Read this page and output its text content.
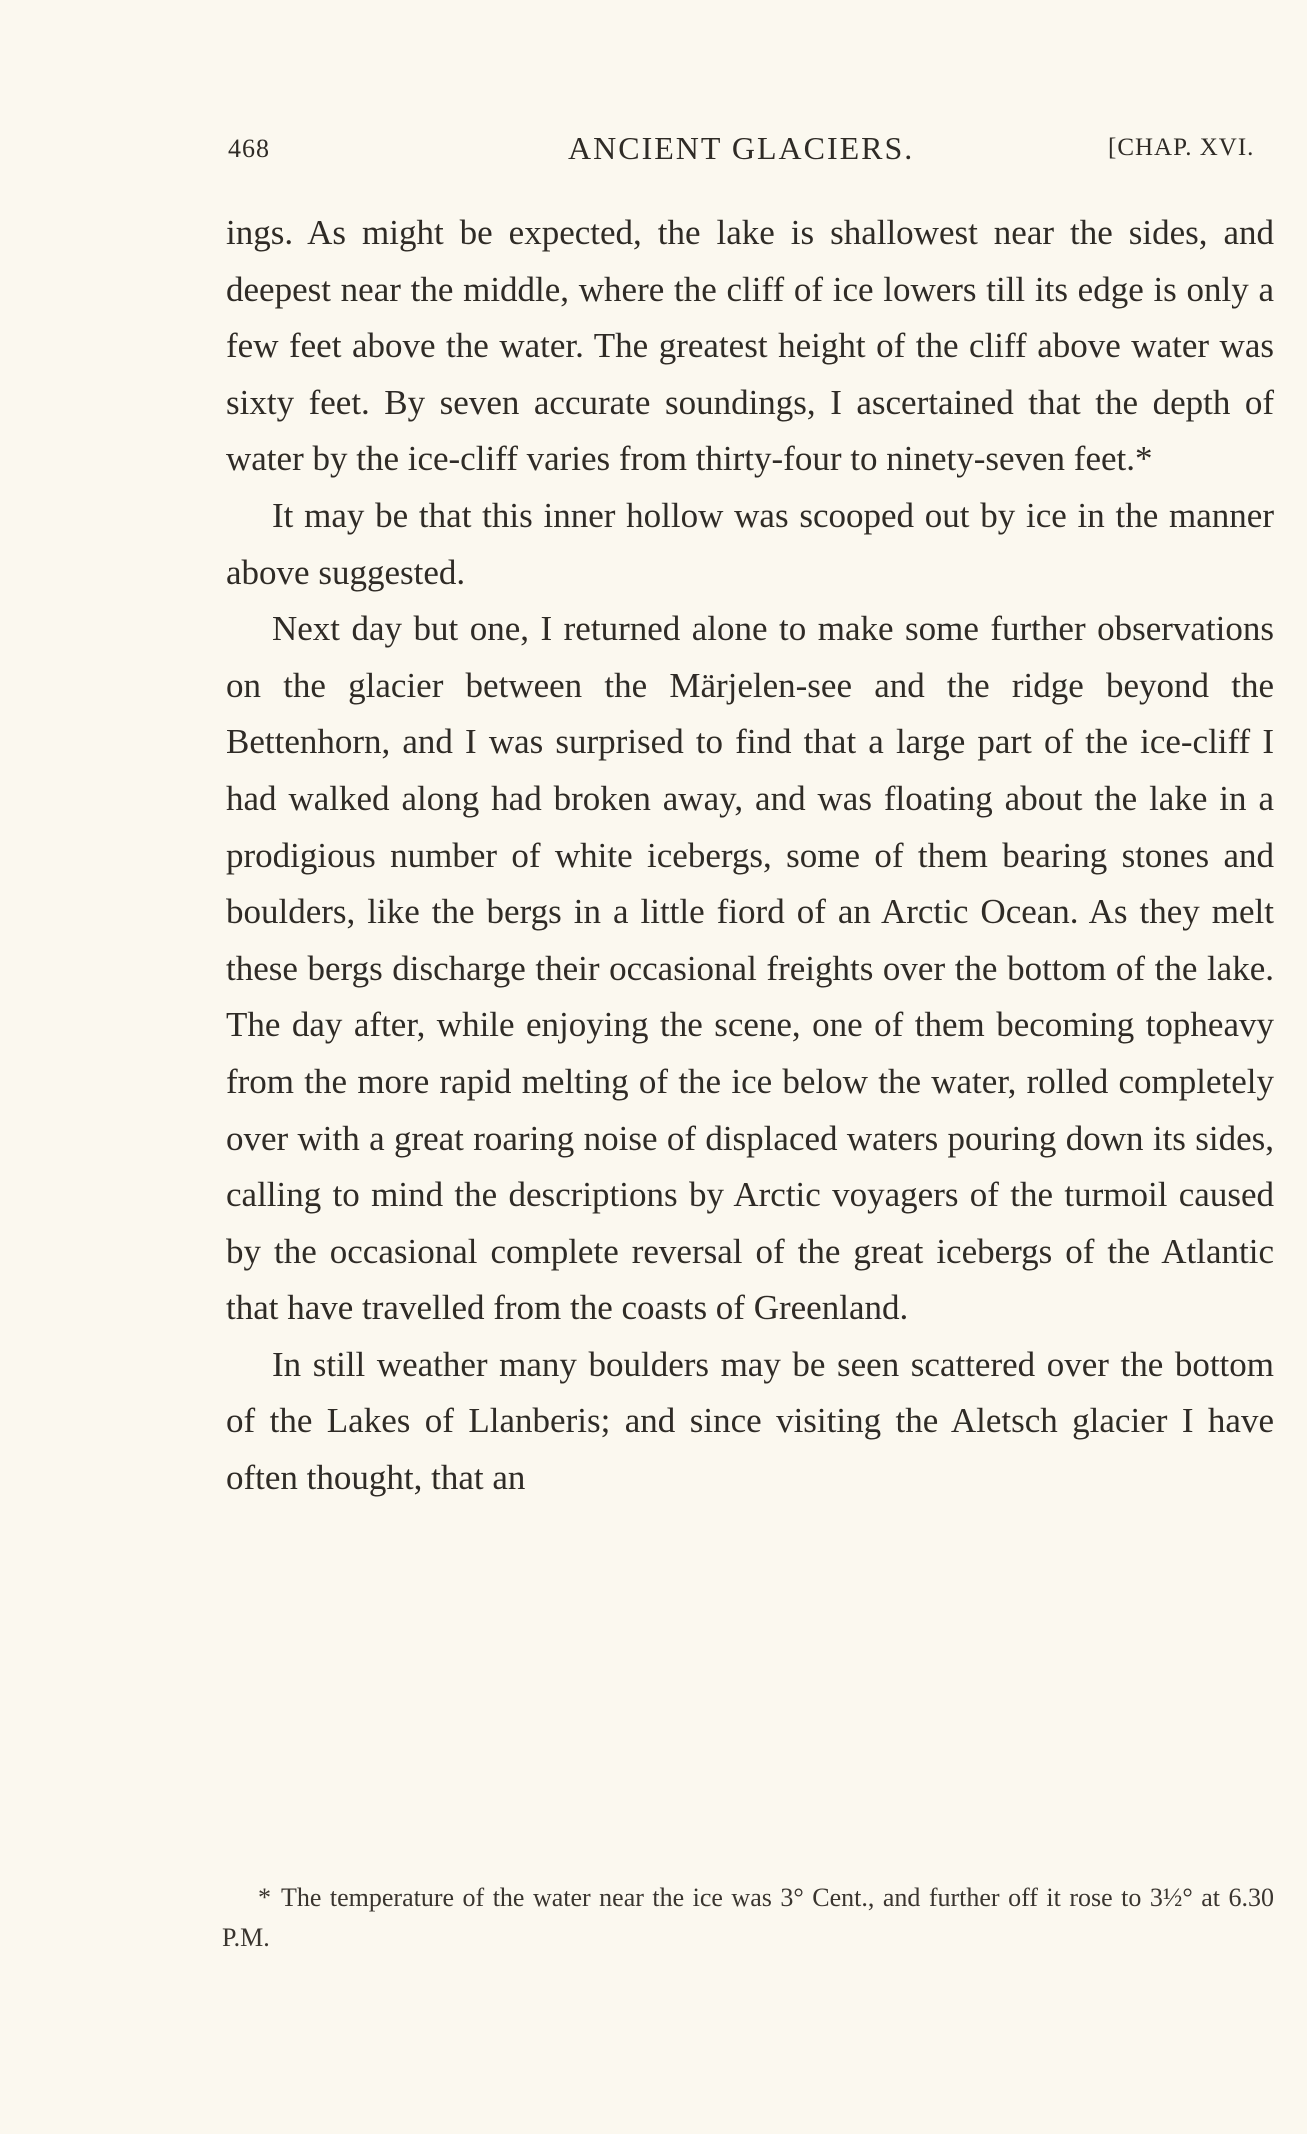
468	ANCIENT GLACIERS.	[CHAP. XVI.

ings. As might be expected, the lake is shallowest near the sides, and deepest near the middle, where the cliff of ice lowers till its edge is only a few feet above the water. The greatest height of the cliff above water was sixty feet. By seven accurate soundings, I ascertained that the depth of water by the ice-cliff varies from thirty-four to ninety-seven feet.*

It may be that this inner hollow was scooped out by ice in the manner above suggested.

Next day but one, I returned alone to make some further observations on the glacier between the Märjelen-see and the ridge beyond the Bettenhorn, and I was surprised to find that a large part of the ice-cliff I had walked along had broken away, and was floating about the lake in a prodigious number of white icebergs, some of them bearing stones and boulders, like the bergs in a little fiord of an Arctic Ocean. As they melt these bergs discharge their occasional freights over the bottom of the lake. The day after, while enjoying the scene, one of them becoming topheavy from the more rapid melting of the ice below the water, rolled completely over with a great roaring noise of displaced waters pouring down its sides, calling to mind the descriptions by Arctic voyagers of the turmoil caused by the occasional complete reversal of the great icebergs of the Atlantic that have travelled from the coasts of Greenland.

In still weather many boulders may be seen scattered over the bottom of the Lakes of Llanberis; and since visiting the Aletsch glacier I have often thought, that an

* The temperature of the water near the ice was 3° Cent., and further off it rose to 3½° at 6.30 P.M.
